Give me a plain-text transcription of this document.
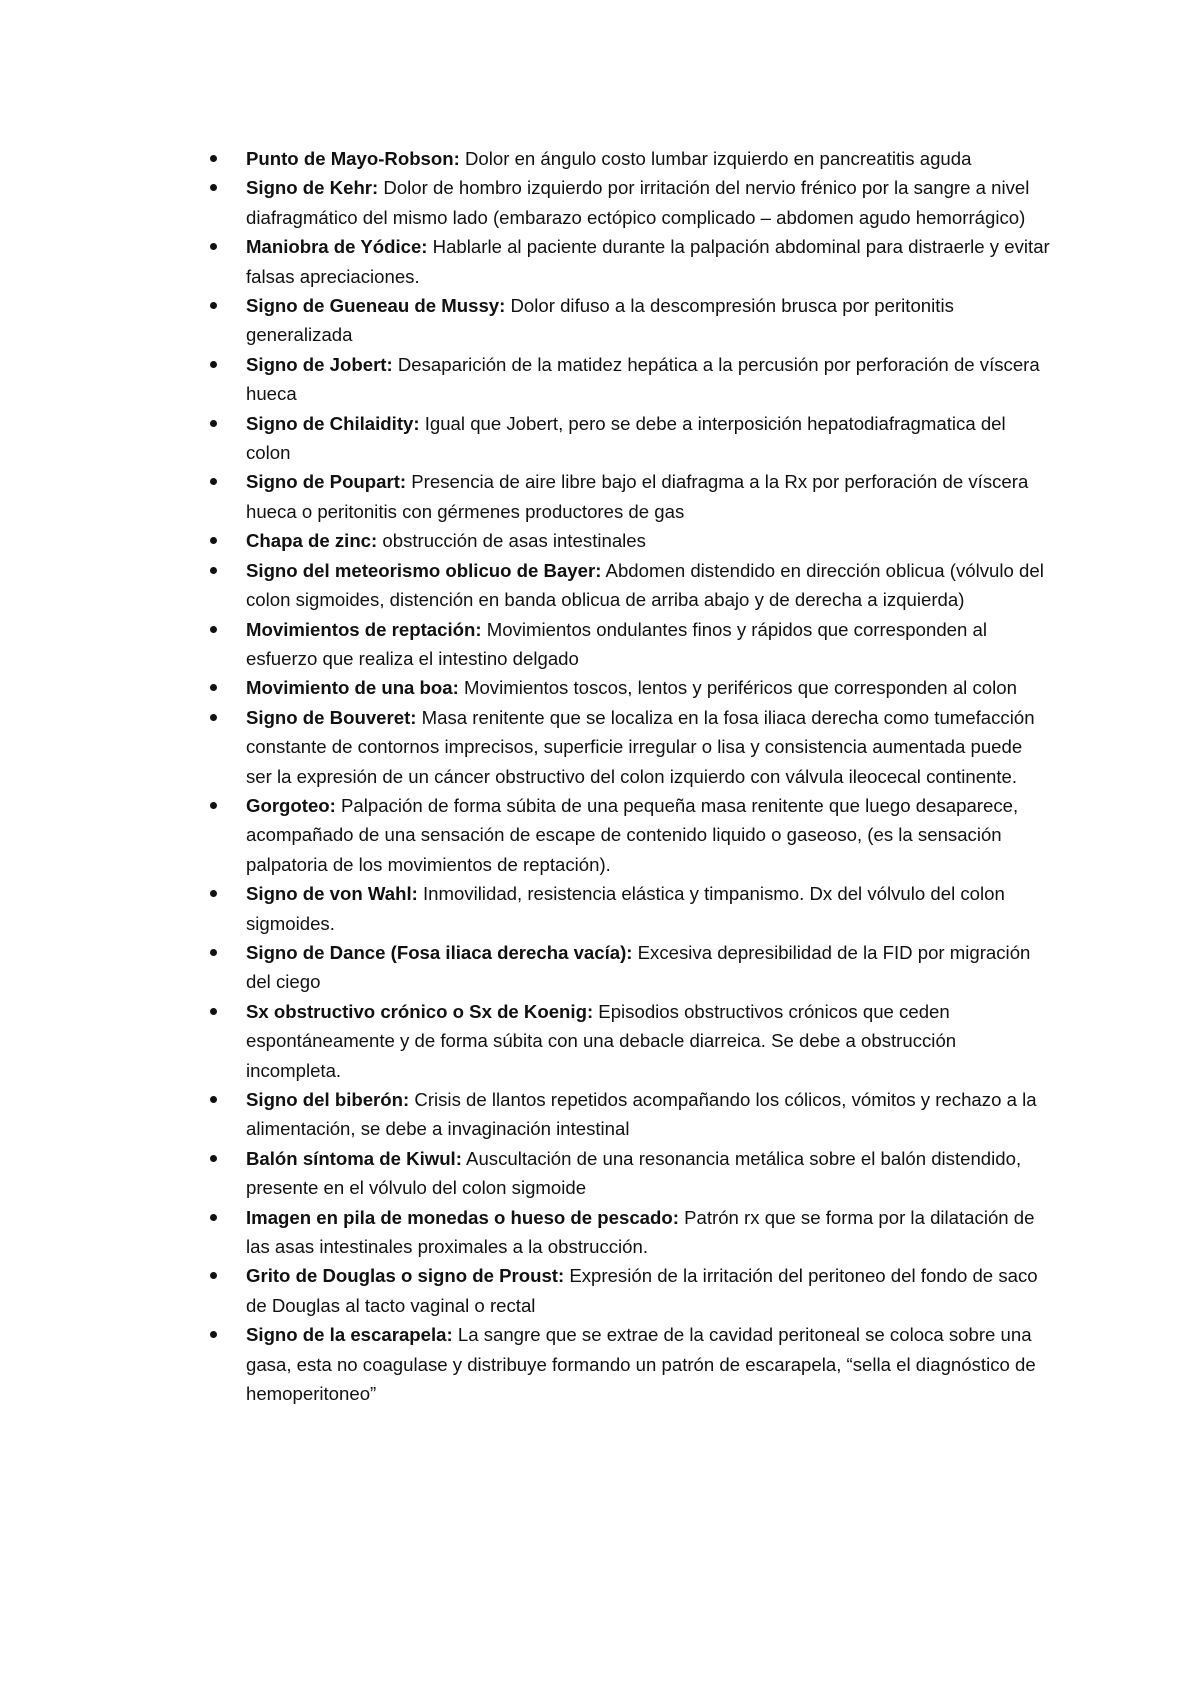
Punto de Mayo-Robson: Dolor en ángulo costo lumbar izquierdo en pancreatitis aguda
Signo de Kehr: Dolor de hombro izquierdo por irritación del nervio frénico por la sangre a nivel diafragmático del mismo lado (embarazo ectópico complicado – abdomen agudo hemorrágico)
Maniobra de Yódice: Hablarle al paciente durante la palpación abdominal para distraerle y evitar falsas apreciaciones.
Signo de Gueneau de Mussy: Dolor difuso a la descompresión brusca por peritonitis generalizada
Signo de Jobert: Desaparición de la matidez hepática a la percusión por perforación de víscera hueca
Signo de Chilaidity: Igual que Jobert, pero se debe a interposición hepatodiafragmatica del colon
Signo de Poupart: Presencia de aire libre bajo el diafragma a la Rx por perforación de víscera hueca o peritonitis con gérmenes productores de gas
Chapa de zinc: obstrucción de asas intestinales
Signo del meteorismo oblicuo de Bayer: Abdomen distendido en dirección oblicua (vólvulo del colon sigmoides, distención en banda oblicua de arriba abajo y de derecha a izquierda)
Movimientos de reptación: Movimientos ondulantes finos y rápidos que corresponden al esfuerzo que realiza el intestino delgado
Movimiento de una boa: Movimientos toscos, lentos y periféricos que corresponden al colon
Signo de Bouveret: Masa renitente que se localiza en la fosa iliaca derecha como tumefacción constante de contornos imprecisos, superficie irregular o lisa y consistencia aumentada puede ser la expresión de un cáncer obstructivo del colon izquierdo con válvula ileocecal continente.
Gorgoteo: Palpación de forma súbita de una pequeña masa renitente que luego desaparece, acompañado de una sensación de escape de contenido liquido o gaseoso, (es la sensación palpatoria de los movimientos de reptación).
Signo de von Wahl: Inmovilidad, resistencia elástica y timpanismo. Dx del vólvulo del colon sigmoides.
Signo de Dance (Fosa iliaca derecha vacía): Excesiva depresibilidad de la FID por migración del ciego
Sx obstructivo crónico o Sx de Koenig: Episodios obstructivos crónicos que ceden espontáneamente y de forma súbita con una debacle diarreica. Se debe a obstrucción incompleta.
Signo del biberón: Crisis de llantos repetidos acompañando los cólicos, vómitos y rechazo a la alimentación, se debe a invaginación intestinal
Balón síntoma de Kiwul: Auscultación de una resonancia metálica sobre el balón distendido, presente en el vólvulo del colon sigmoide
Imagen en pila de monedas o hueso de pescado: Patrón rx que se forma por la dilatación de las asas intestinales proximales a la obstrucción.
Grito de Douglas o signo de Proust: Expresión de la irritación del peritoneo del fondo de saco de Douglas al tacto vaginal o rectal
Signo de la escarapela: La sangre que se extrae de la cavidad peritoneal se coloca sobre una gasa, esta no coagulase y distribuye formando un patrón de escarapela, “sella el diagnóstico de hemoperitoneo”
